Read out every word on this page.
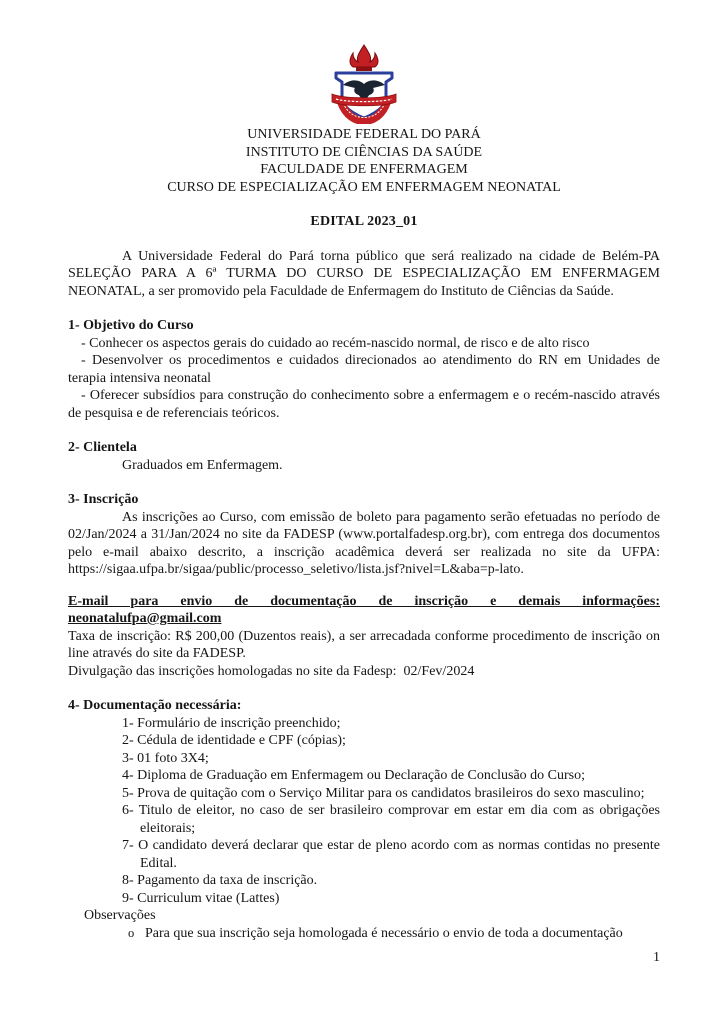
UNIVERSIDADE FEDERAL DO PARÁ
INSTITUTO DE CIÊNCIAS DA SAÚDE
FACULDADE DE ENFERMAGEM
CURSO DE ESPECIALIZAÇÃO EM ENFERMAGEM NEONATAL
EDITAL 2023_01

A Universidade Federal do Pará torna público que será realizado na cidade de Belém-PA SELEÇÃO PARA A 6ª TURMA DO CURSO DE ESPECIALIZAÇÃO EM ENFERMAGEM NEONATAL, a ser promovido pela Faculdade de Enfermagem do Instituto de Ciências da Saúde.

1- Objetivo do Curso
- Conhecer os aspectos gerais do cuidado ao recém-nascido normal, de risco e de alto risco
- Desenvolver os procedimentos e cuidados direcionados ao atendimento do RN em Unidades de terapia intensiva neonatal
- Oferecer subsídios para construção do conhecimento sobre a enfermagem e o recém-nascido através de pesquisa e de referenciais teóricos.
2- Clientela
Graduados em Enfermagem.
3- Inscrição
As inscrições ao Curso, com emissão de boleto para pagamento serão efetuadas no período de 02/Jan/2024 a 31/Jan/2024 no site da FADESP (www.portalfadesp.org.br), com entrega dos documentos pelo e-mail abaixo descrito, a inscrição acadêmica deverá ser realizada no site da UFPA: https://sigaa.ufpa.br/sigaa/public/processo_seletivo/lista.jsf?nivel=L&aba=p-lato.
E-mail para envio de documentação de inscrição e demais informações:
neonatalufpa@gmail.com
Taxa de inscrição: R$ 200,00 (Duzentos reais), a ser arrecadada conforme procedimento de inscrição on line através do site da FADESP.
Divulgação das inscrições homologadas no site da Fadesp:  02/Fev/2024
4- Documentação necessária:
1- Formulário de inscrição preenchido;
2- Cédula de identidade e CPF (cópias);
3- 01 foto 3X4;
4- Diploma de Graduação em Enfermagem ou Declaração de Conclusão do Curso;
5- Prova de quitação com o Serviço Militar para os candidatos brasileiros do sexo masculino;
6- Titulo de eleitor, no caso de ser brasileiro comprovar em estar em dia com as obrigações eleitorais;
7- O candidato deverá declarar que estar de pleno acordo com as normas contidas no presente Edital.
8- Pagamento da taxa de inscrição.
9- Curriculum vitae (Lattes)
Observações
o Para que sua inscrição seja homologada é necessário o envio de toda a documentação
1
